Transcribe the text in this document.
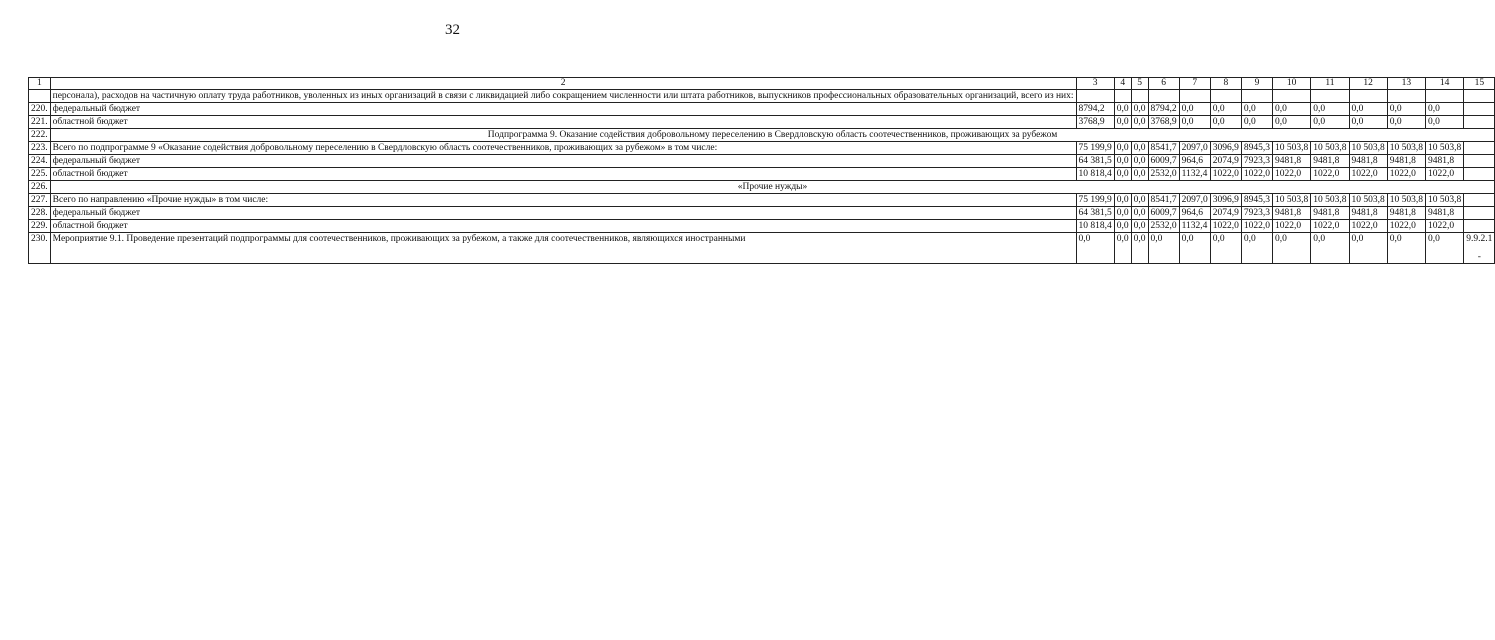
32
1	2	3	4	5	6	7	8	9	10	11	12	13	14	15
	персонала), расходов на частичную оплату труда работников, уволенных из иных организаций в связи с ликвидацией либо сокращением численности или штата работников, выпускников профессиональных образовательных организаций, всего из них:													
220.	федеральный бюджет	8794,2	0,0	0,0	8794,2	0,0	0,0	0,0	0,0	0,0	0,0	0,0	0,0	
221.	областной бюджет	3768,9	0,0	0,0	3768,9	0,0	0,0	0,0	0,0	0,0	0,0	0,0	0,0	
222.	Подпрограмма 9. Оказание содействия добровольному переселению в Свердловскую область соотечественников, проживающих за рубежом													
223.	Всего по подпрограмме 9 «Оказание содействия добровольному переселению в Свердловскую область соотечественников, проживающих за рубежом» в том числе:	75 199,9	0,0	0,0	8541,7	2097,0	3096,9	8945,3	10 503,8	10 503,8	10 503,8	10 503,8	10 503,8	
224.	федеральный бюджет	64 381,5	0,0	0,0	6009,7	964,6	2074,9	7923,3	9481,8	9481,8	9481,8	9481,8	9481,8	
225.	областной бюджет	10 818,4	0,0	0,0	2532,0	1132,4	1022,0	1022,0	1022,0	1022,0	1022,0	1022,0	1022,0	
226.	«Прочие нужды»													
227.	Всего по направлению «Прочие нужды» в том числе:	75 199,9	0,0	0,0	8541,7	2097,0	3096,9	8945,3	10 503,8	10 503,8	10 503,8	10 503,8	10 503,8	
228.	федеральный бюджет	64 381,5	0,0	0,0	6009,7	964,6	2074,9	7923,3	9481,8	9481,8	9481,8	9481,8	9481,8	
229.	областной бюджет	10 818,4	0,0	0,0	2532,0	1132,4	1022,0	1022,0	1022,0	1022,0	1022,0	1022,0	1022,0	
230.	Мероприятие 9.1. Проведение презентаций подпрограммы для соотечественников, проживающих за рубежом, а также для соотечественников, являющихся иностранными	0,0	0,0	0,0	0,0	0,0	0,0	0,0	0,0	0,0	0,0	0,0	0,0	9.9.2.1
-
